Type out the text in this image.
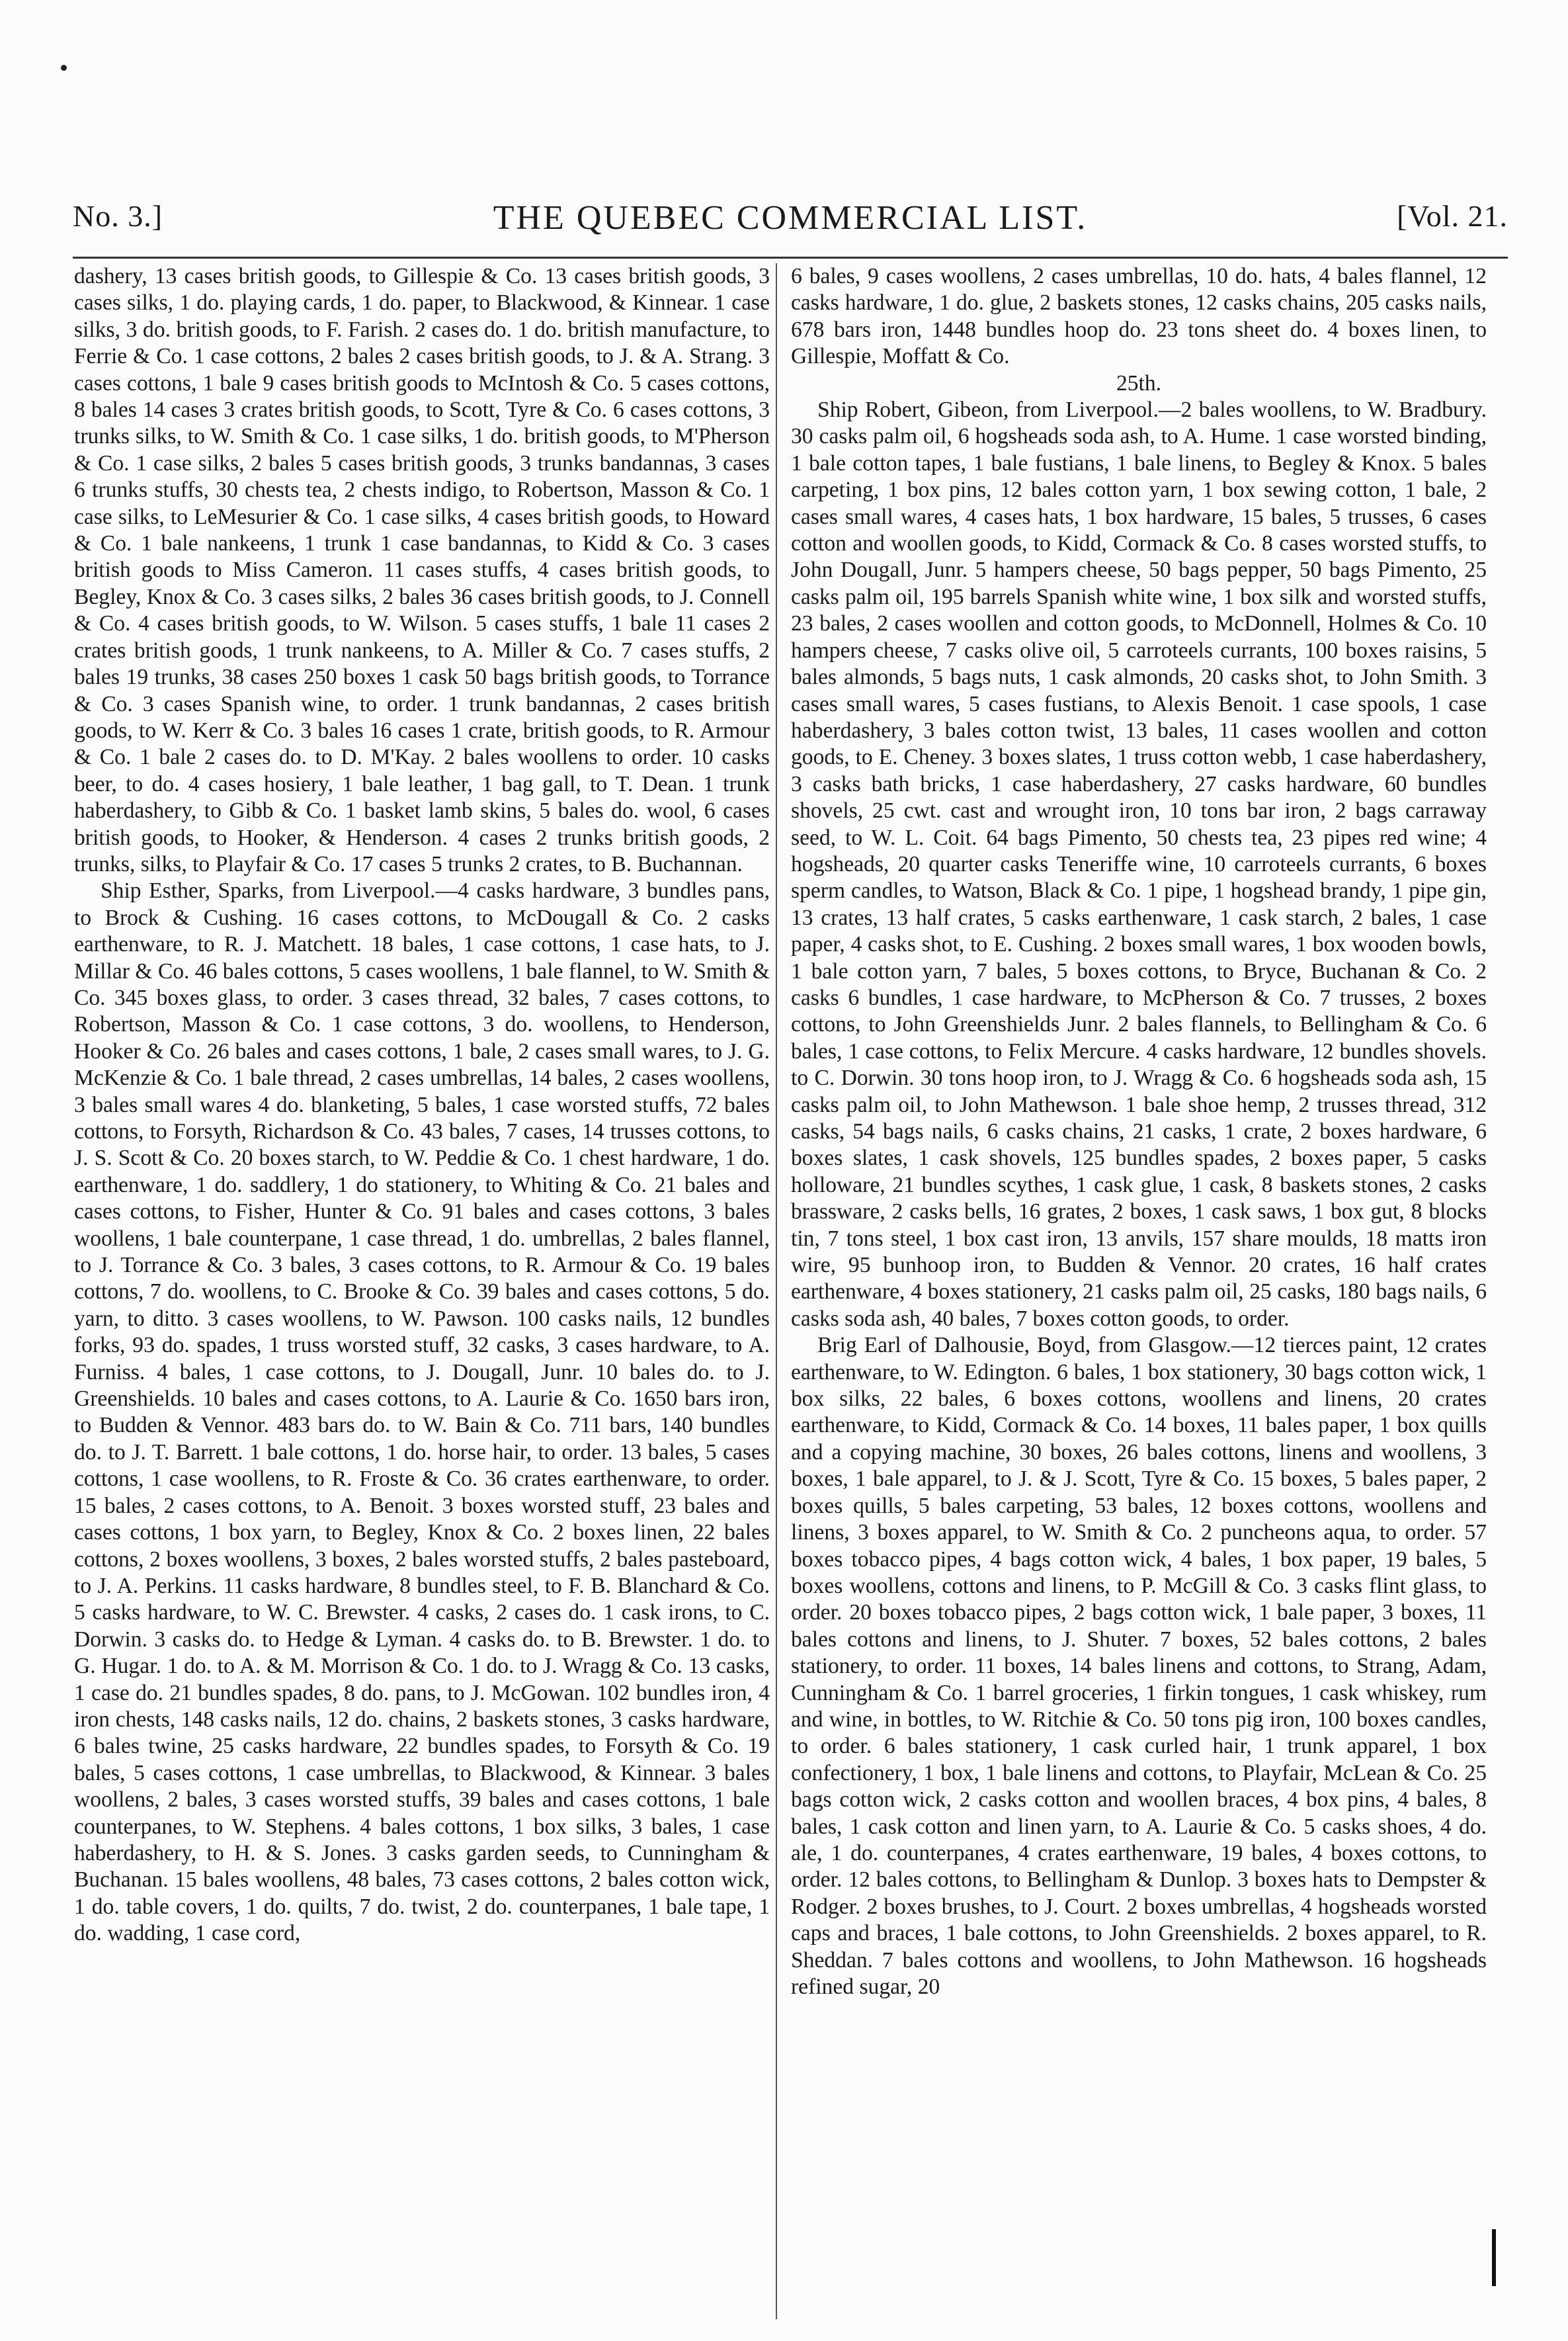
No. 3.]	THE QUEBEC COMMERCIAL LIST.	[Vol. 21.

dashery, 13 cases british goods, to Gillespie & Co. 13 cases british goods, 3 cases silks, 1 do. playing cards, 1 do. paper, to Blackwood, & Kinnear. 1 case silks, 3 do. british goods, to F. Farish. 2 cases do. 1 do. british manufacture, to Ferrie & Co. 1 case cottons, 2 bales 2 cases british goods, to J. & A. Strang. 3 cases cottons, 1 bale 9 cases british goods to McIntosh & Co. 5 cases cottons, 8 bales 14 cases 3 crates british goods, to Scott, Tyre & Co. 6 cases cottons, 3 trunks silks, to W. Smith & Co. 1 case silks, 1 do. british goods, to M'Pherson & Co. 1 case silks, 2 bales 5 cases british goods, 3 trunks bandannas, 3 cases 6 trunks stuffs, 30 chests tea, 2 chests indigo, to Robertson, Masson & Co. 1 case silks, to LeMesurier & Co. 1 case silks, 4 cases british goods, to Howard & Co. 1 bale nankeens, 1 trunk 1 case bandannas, to Kidd & Co. 3 cases british goods to Miss Cameron. 11 cases stuffs, 4 cases british goods, to Begley, Knox & Co. 3 cases silks, 2 bales 36 cases british goods, to J. Connell & Co. 4 cases british goods, to W. Wilson. 5 cases stuffs, 1 bale 11 cases 2 crates british goods, 1 trunk nankeens, to A. Miller & Co. 7 cases stuffs, 2 bales 19 trunks, 38 cases 250 boxes 1 cask 50 bags british goods, to Torrance & Co. 3 cases Spanish wine, to order. 1 trunk bandannas, 2 cases british goods, to W. Kerr & Co. 3 bales 16 cases 1 crate, british goods, to R. Armour & Co. 1 bale 2 cases do. to D. M'Kay. 2 bales woollens to order. 10 casks beer, to do. 4 cases hosiery, 1 bale leather, 1 bag gall, to T. Dean. 1 trunk haberdashery, to Gibb & Co. 1 basket lamb skins, 5 bales do. wool, 6 cases british goods, to Hooker, & Henderson. 4 cases 2 trunks british goods, 2 trunks, silks, to Playfair & Co. 17 cases 5 trunks 2 crates, to B. Buchannan.

Ship Esther, Sparks, from Liverpool.—4 casks hardware, 3 bundles pans, to Brock & Cushing. 16 cases cottons, to McDougall & Co. 2 casks earthenware, to R. J. Matchett. 18 bales, 1 case cottons, 1 case hats, to J. Millar & Co. 46 bales cottons, 5 cases woollens, 1 bale flannel, to W. Smith & Co. 345 boxes glass, to order. 3 cases thread, 32 bales, 7 cases cottons, to Robertson, Masson & Co. 1 case cottons, 3 do. woollens, to Henderson, Hooker & Co. 26 bales and cases cottons, 1 bale, 2 cases small wares, to J. G. McKenzie & Co. 1 bale thread, 2 cases umbrellas, 14 bales, 2 cases woollens, 3 bales small wares 4 do. blanketing, 5 bales, 1 case worsted stuffs, 72 bales cottons, to Forsyth, Richardson & Co. 43 bales, 7 cases, 14 trusses cottons, to J. S. Scott & Co. 20 boxes starch, to W. Peddie & Co. 1 chest hardware, 1 do. earthenware, 1 do. saddlery, 1 do stationery, to Whiting & Co. 21 bales and cases cottons, to Fisher, Hunter & Co. 91 bales and cases cottons, 3 bales woollens, 1 bale counterpane, 1 case thread, 1 do. umbrellas, 2 bales flannel, to J. Torrance & Co. 3 bales, 3 cases cottons, to R. Armour & Co. 19 bales cottons, 7 do. woollens, to C. Brooke & Co. 39 bales and cases cottons, 5 do. yarn, to ditto. 3 cases woollens, to W. Pawson. 100 casks nails, 12 bundles forks, 93 do. spades, 1 truss worsted stuff, 32 casks, 3 cases hardware, to A. Furniss. 4 bales, 1 case cottons, to J. Dougall, Junr. 10 bales do. to J. Greenshields. 10 bales and cases cottons, to A. Laurie & Co. 1650 bars iron, to Budden & Vennor. 483 bars do. to W. Bain & Co. 711 bars, 140 bundles do. to J. T. Barrett. 1 bale cottons, 1 do. horse hair, to order. 13 bales, 5 cases cottons, 1 case woollens, to R. Froste & Co. 36 crates earthenware, to order. 15 bales, 2 cases cottons, to A. Benoit. 3 boxes worsted stuff, 23 bales and cases cottons, 1 box yarn, to Begley, Knox & Co. 2 boxes linen, 22 bales cottons, 2 boxes woollens, 3 boxes, 2 bales worsted stuffs, 2 bales pasteboard, to J. A. Perkins. 11 casks hardware, 8 bundles steel, to F. B. Blanchard & Co. 5 casks hardware, to W. C. Brewster. 4 casks, 2 cases do. 1 cask irons, to C. Dorwin. 3 casks do. to Hedge & Lyman. 4 casks do. to B. Brewster. 1 do. to G. Hugar. 1 do. to A. & M. Morrison & Co. 1 do. to J. Wragg & Co. 13 casks, 1 case do. 21 bundles spades, 8 do. pans, to J. McGowan. 102 bundles iron, 4 iron chests, 148 casks nails, 12 do. chains, 2 baskets stones, 3 casks hardware, 6 bales twine, 25 casks hardware, 22 bundles spades, to Forsyth & Co. 19 bales, 5 cases cottons, 1 case umbrellas, to Blackwood, & Kinnear. 3 bales woollens, 2 bales, 3 cases worsted stuffs, 39 bales and cases cottons, 1 bale counterpanes, to W. Stephens. 4 bales cottons, 1 box silks, 3 bales, 1 case haberdashery, to H. & S. Jones. 3 casks garden seeds, to Cunningham & Buchanan. 15 bales woollens, 48 bales, 73 cases cottons, 2 bales cotton wick, 1 do. table covers, 1 do. quilts, 7 do. twist, 2 do. counterpanes, 1 bale tape, 1 do. wadding, 1 case cord,

6 bales, 9 cases woollens, 2 cases umbrellas, 10 do. hats, 4 bales flannel, 12 casks hardware, 1 do. glue, 2 baskets stones, 12 casks chains, 205 casks nails, 678 bars iron, 1448 bundles hoop do. 23 tons sheet do. 4 boxes linen, to Gillespie, Moffatt & Co.

25th.

Ship Robert, Gibeon, from Liverpool.—2 bales woollens, to W. Bradbury. 30 casks palm oil, 6 hogsheads soda ash, to A. Hume. 1 case worsted binding, 1 bale cotton tapes, 1 bale fustians, 1 bale linens, to Begley & Knox. 5 bales carpeting, 1 box pins, 12 bales cotton yarn, 1 box sewing cotton, 1 bale, 2 cases small wares, 4 cases hats, 1 box hardware, 15 bales, 5 trusses, 6 cases cotton and woollen goods, to Kidd, Cormack & Co. 8 cases worsted stuffs, to John Dougall, Junr. 5 hampers cheese, 50 bags pepper, 50 bags Pimento, 25 casks palm oil, 195 barrels Spanish white wine, 1 box silk and worsted stuffs, 23 bales, 2 cases woollen and cotton goods, to McDonnell, Holmes & Co. 10 hampers cheese, 7 casks olive oil, 5 carroteels currants, 100 boxes raisins, 5 bales almonds, 5 bags nuts, 1 cask almonds, 20 casks shot, to John Smith. 3 cases small wares, 5 cases fustians, to Alexis Benoit. 1 case spools, 1 case haberdashery, 3 bales cotton twist, 13 bales, 11 cases woollen and cotton goods, to E. Cheney. 3 boxes slates, 1 truss cotton webb, 1 case haberdashery, 3 casks bath bricks, 1 case haberdashery, 27 casks hardware, 60 bundles shovels, 25 cwt. cast and wrought iron, 10 tons bar iron, 2 bags carraway seed, to W. L. Coit. 64 bags Pimento, 50 chests tea, 23 pipes red wine; 4 hogsheads, 20 quarter casks Teneriffe wine, 10 carroteels currants, 6 boxes sperm candles, to Watson, Black & Co. 1 pipe, 1 hogshead brandy, 1 pipe gin, 13 crates, 13 half crates, 5 casks earthenware, 1 cask starch, 2 bales, 1 case paper, 4 casks shot, to E. Cushing. 2 boxes small wares, 1 box wooden bowls, 1 bale cotton yarn, 7 bales, 5 boxes cottons, to Bryce, Buchanan & Co. 2 casks 6 bundles, 1 case hardware, to McPherson & Co. 7 trusses, 2 boxes cottons, to John Greenshields Junr. 2 bales flannels, to Bellingham & Co. 6 bales, 1 case cottons, to Felix Mercure. 4 casks hardware, 12 bundles shovels. to C. Dorwin. 30 tons hoop iron, to J. Wragg & Co. 6 hogsheads soda ash, 15 casks palm oil, to John Mathewson. 1 bale shoe hemp, 2 trusses thread, 312 casks, 54 bags nails, 6 casks chains, 21 casks, 1 crate, 2 boxes hardware, 6 boxes slates, 1 cask shovels, 125 bundles spades, 2 boxes paper, 5 casks holloware, 21 bundles scythes, 1 cask glue, 1 cask, 8 baskets stones, 2 casks brassware, 2 casks bells, 16 grates, 2 boxes, 1 cask saws, 1 box gut, 8 blocks tin, 7 tons steel, 1 box cast iron, 13 anvils, 157 share moulds, 18 matts iron wire, 95 bunhoop iron, to Budden & Vennor. 20 crates, 16 half crates earthenware, 4 boxes stationery, 21 casks palm oil, 25 casks, 180 bags nails, 6 casks soda ash, 40 bales, 7 boxes cotton goods, to order.

Brig Earl of Dalhousie, Boyd, from Glasgow.—12 tierces paint, 12 crates earthenware, to W. Edington. 6 bales, 1 box stationery, 30 bags cotton wick, 1 box silks, 22 bales, 6 boxes cottons, woollens and linens, 20 crates earthenware, to Kidd, Cormack & Co. 14 boxes, 11 bales paper, 1 box quills and a copying machine, 30 boxes, 26 bales cottons, linens and woollens, 3 boxes, 1 bale apparel, to J. & J. Scott, Tyre & Co. 15 boxes, 5 bales paper, 2 boxes quills, 5 bales carpeting, 53 bales, 12 boxes cottons, woollens and linens, 3 boxes apparel, to W. Smith & Co. 2 puncheons aqua, to order. 57 boxes tobacco pipes, 4 bags cotton wick, 4 bales, 1 box paper, 19 bales, 5 boxes woollens, cottons and linens, to P. McGill & Co. 3 casks flint glass, to order. 20 boxes tobacco pipes, 2 bags cotton wick, 1 bale paper, 3 boxes, 11 bales cottons and linens, to J. Shuter. 7 boxes, 52 bales cottons, 2 bales stationery, to order. 11 boxes, 14 bales linens and cottons, to Strang, Adam, Cunningham & Co. 1 barrel groceries, 1 firkin tongues, 1 cask whiskey, rum and wine, in bottles, to W. Ritchie & Co. 50 tons pig iron, 100 boxes candles, to order. 6 bales stationery, 1 cask curled hair, 1 trunk apparel, 1 box confectionery, 1 box, 1 bale linens and cottons, to Playfair, McLean & Co. 25 bags cotton wick, 2 casks cotton and woollen braces, 4 box pins, 4 bales, 8 bales, 1 cask cotton and linen yarn, to A. Laurie & Co. 5 casks shoes, 4 do. ale, 1 do. counterpanes, 4 crates earthenware, 19 bales, 4 boxes cottons, to order. 12 bales cottons, to Bellingham & Dunlop. 3 boxes hats to Dempster & Rodger. 2 boxes brushes, to J. Court. 2 boxes umbrellas, 4 hogsheads worsted caps and braces, 1 bale cottons, to John Greenshields. 2 boxes apparel, to R. Sheddan. 7 bales cottons and woollens, to John Mathewson. 16 hogsheads refined sugar, 20
